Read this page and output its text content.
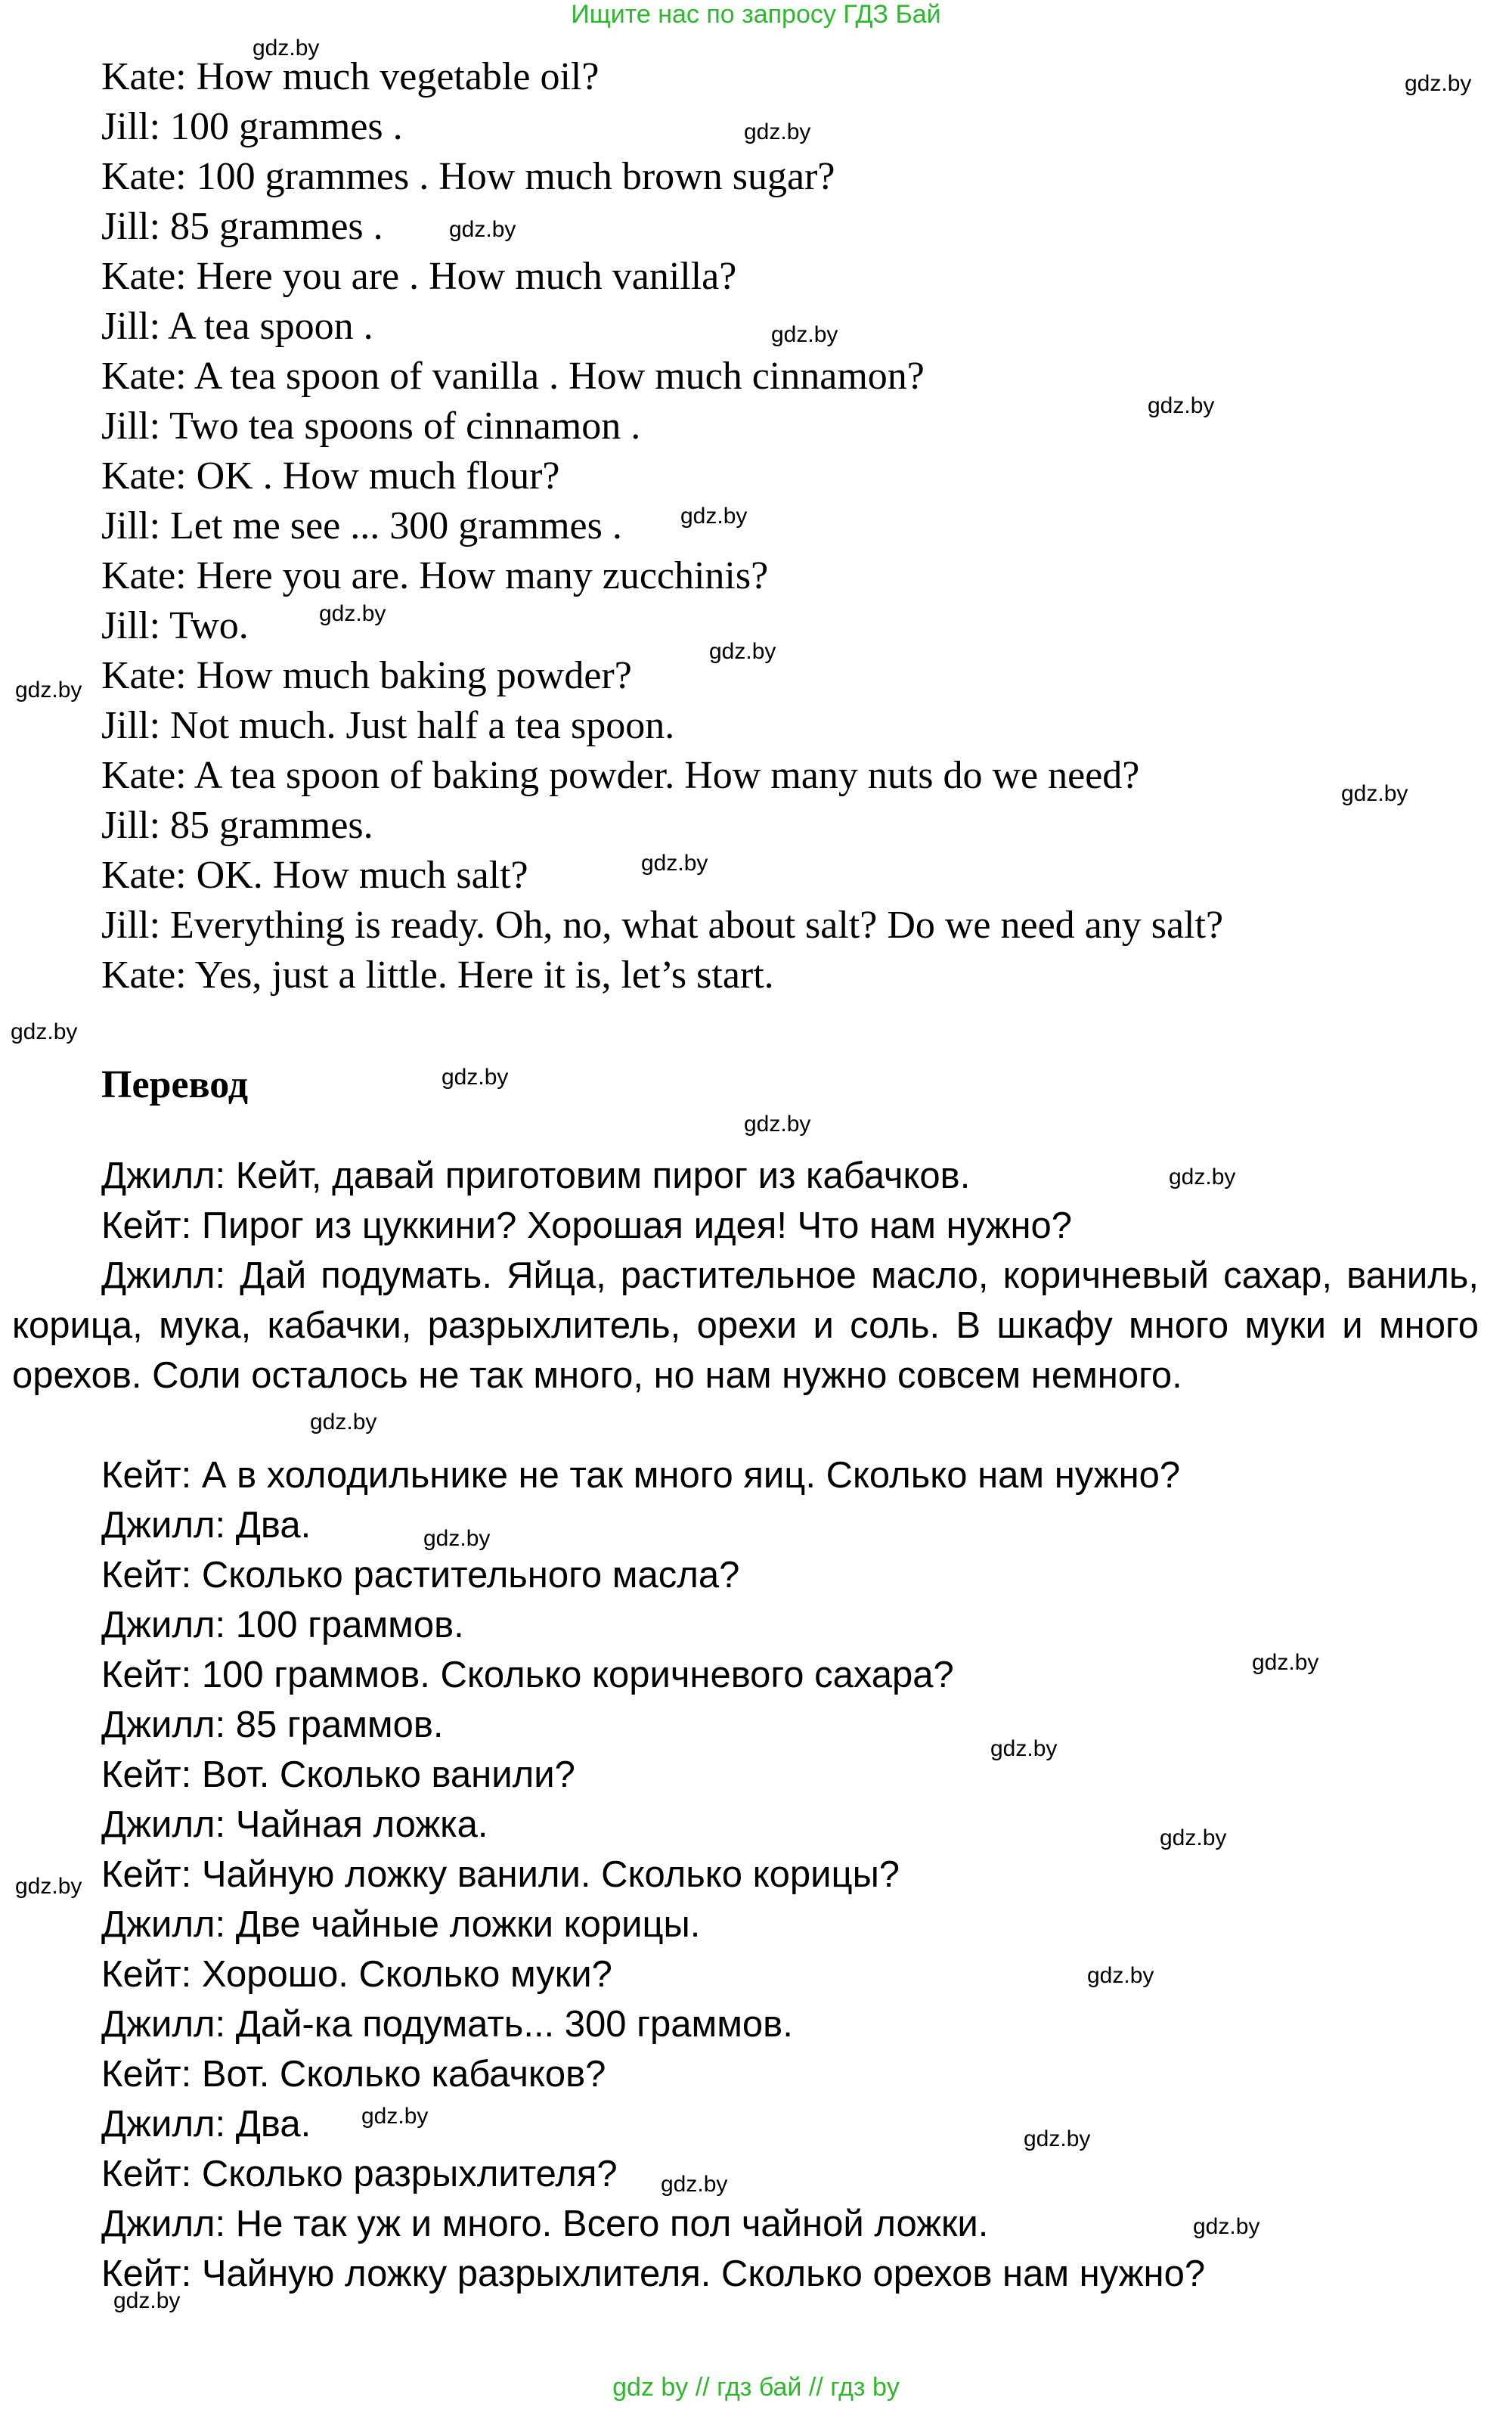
Ищите нас по запросу ГДЗ Бай
Kate: How much vegetable oil?
Jill: 100 grammes .
Kate: 100 grammes . How much brown sugar?
Jill: 85 grammes .
Kate: Here you are . How much vanilla?
Jill: A tea spoon .
Kate: A tea spoon of vanilla . How much cinnamon?
Jill: Two tea spoons of cinnamon .
Kate: OK . How much flour?
Jill: Let me see ... 300 grammes .
Kate: Here you are. How many zucchinis?
Jill: Two.
Kate: How much baking powder?
Jill: Not much. Just half a tea spoon.
Kate: A tea spoon of baking powder. How many nuts do we need?
Jill: 85 grammes.
Kate: OK. How much salt?
Jill: Everything is ready. Oh, no, what about salt? Do we need any salt?
Kate: Yes, just a little. Here it is, let’s start.
Перевод
Джилл: Кейт, давай приготовим пирог из кабачков.
Кейт: Пирог из цуккини? Хорошая идея! Что нам нужно?
Джилл: Дай подумать. Яйца, растительное масло, коричневый сахар, ваниль, корица, мука, кабачки, разрыхлитель, орехи и соль. В шкафу много муки и много орехов. Соли осталось не так много, но нам нужно совсем немного.
Кейт: А в холодильнике не так много яиц. Сколько нам нужно?
Джилл: Два.
Кейт: Сколько растительного масла?
Джилл: 100 граммов.
Кейт: 100 граммов. Сколько коричневого сахара?
Джилл: 85 граммов.
Кейт: Вот. Сколько ванили?
Джилл: Чайная ложка.
Кейт: Чайную ложку ванили. Сколько корицы?
Джилл: Две чайные ложки корицы.
Кейт: Хорошо. Сколько муки?
Джилл: Дай-ка подумать... 300 граммов.
Кейт: Вот. Сколько кабачков?
Джилл: Два.
Кейт: Сколько разрыхлителя?
Джилл: Не так уж и много. Всего пол чайной ложки.
Кейт: Чайную ложку разрыхлителя. Сколько орехов нам нужно?
gdz.by
gdz.by
gdz.by
gdz.by
gdz.by
gdz.by
gdz.by
gdz.by
gdz.by
gdz.by
gdz.by
gdz.by
gdz.by
gdz.by
gdz.by
gdz.by
gdz.by
gdz.by
gdz.by
gdz.by
gdz.by
gdz.by
gdz.by
gdz.by
gdz.by
gdz.by
gdz.by
gdz.by
gdz by // гдз бай // гдз by
